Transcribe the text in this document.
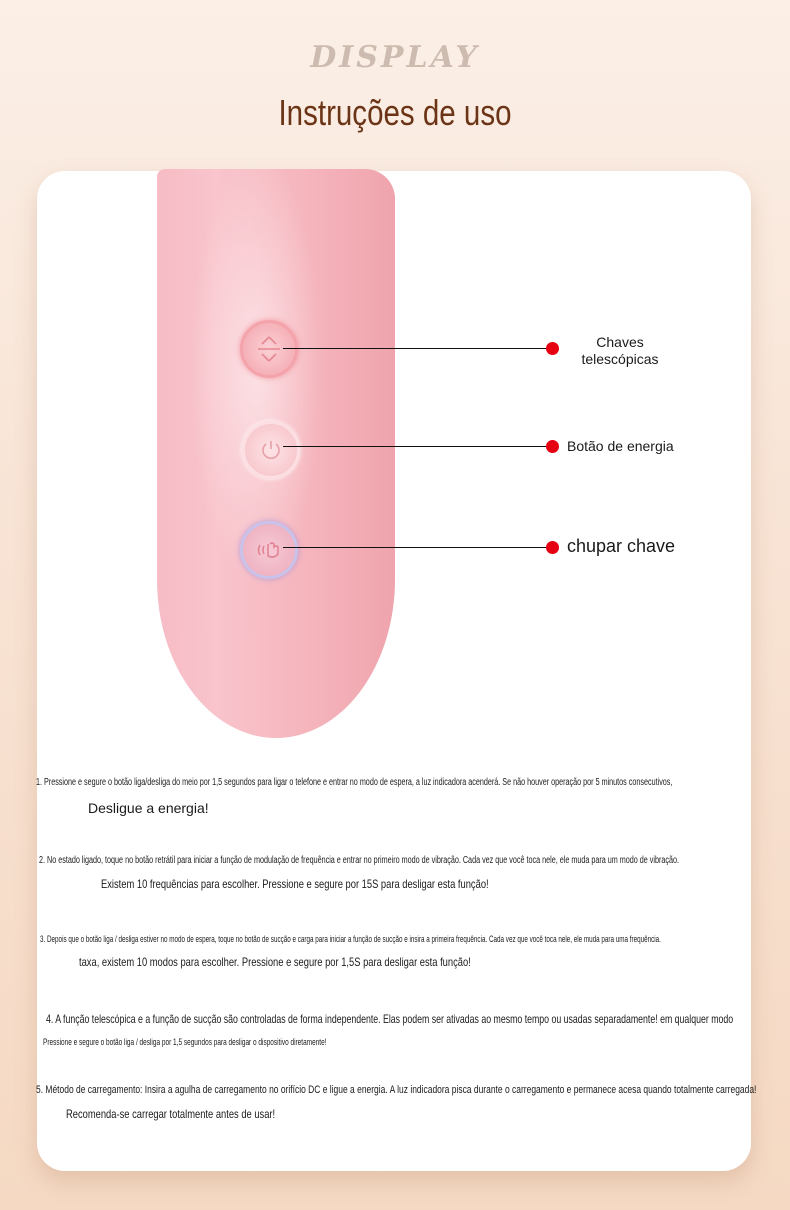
DISPLAY
Instruções de uso
Chaves
telescópicas
Botão de energia
chupar chave
1. Pressione e segure o botão liga/desliga do meio por 1,5 segundos para ligar o telefone e entrar no modo de espera, a luz indicadora acenderá. Se não houver operação por 5 minutos consecutivos,
Desligue a energia!
2. No estado ligado, toque no botão retrátil para iniciar a função de modulação de frequência e entrar no primeiro modo de vibração. Cada vez que você toca nele, ele muda para um modo de vibração.
Existem 10 frequências para escolher. Pressione e segure por 15S para desligar esta função!
3. Depois que o botão liga / desliga estiver no modo de espera, toque no botão de sucção e carga para iniciar a função de sucção e insira a primeira frequência. Cada vez que você toca nele, ele muda para uma frequência.
taxa, existem 10 modos para escolher. Pressione e segure por 1,5S para desligar esta função!
4. A função telescópica e a função de sucção são controladas de forma independente. Elas podem ser ativadas ao mesmo tempo ou usadas separadamente! em qualquer modo
Pressione e segure o botão liga / desliga por 1,5 segundos para desligar o dispositivo diretamente!
5. Método de carregamento: Insira a agulha de carregamento no orifício DC e ligue a energia. A luz indicadora pisca durante o carregamento e permanece acesa quando totalmente carregada!
Recomenda-se carregar totalmente antes de usar!
